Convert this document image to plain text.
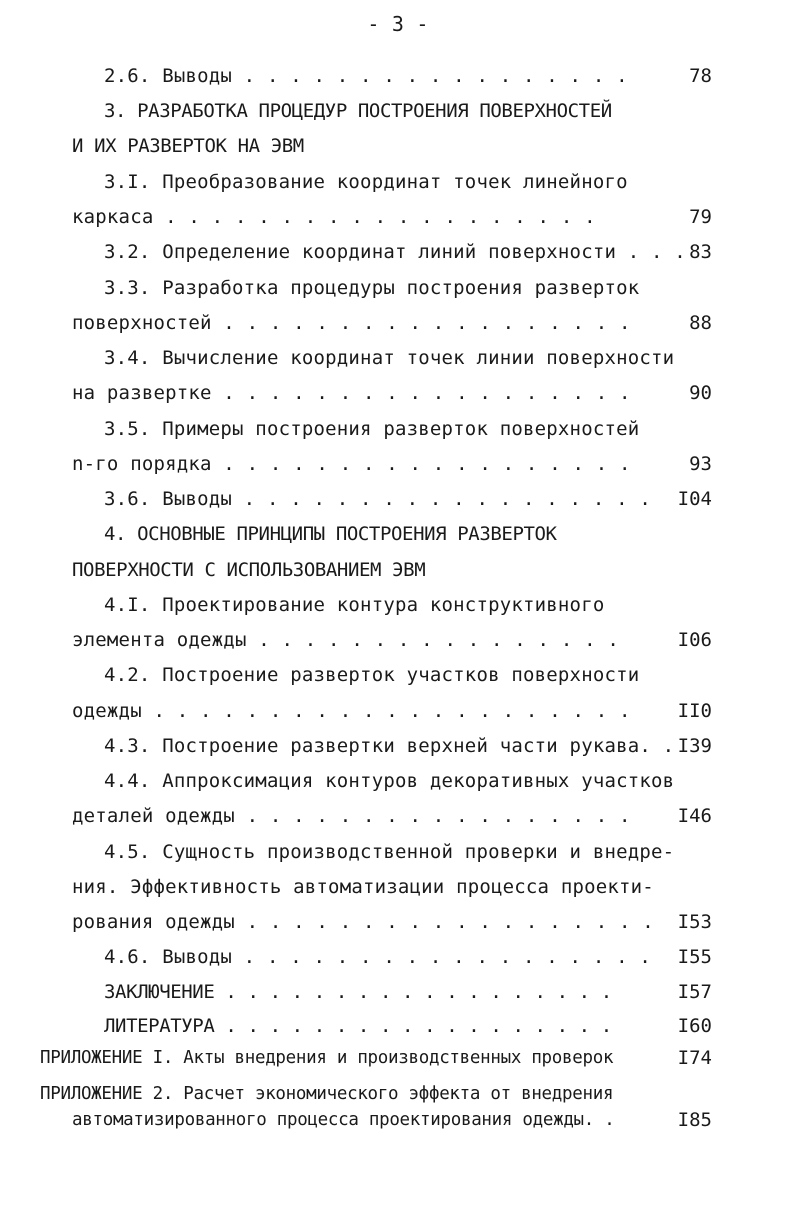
- 3 -
2.6. Выводы . . . . . . . . . . . . . . . . .	78
3. РАЗРАБОТКА ПРОЦЕДУР ПОСТРОЕНИЯ ПОВЕРХНОСТЕЙ
И ИХ РАЗВЕРТОК НА ЭВМ
3.I. Преобразование координат точек линейного
каркаса . . . . . . . . . . . . . . . . . . .	79
3.2. Определение координат линий поверхности . . . 83
3.3. Разработка процедуры построения разверток
поверхностей . . . . . . . . . . . . . . . . . .	88
3.4. Вычисление координат точек линии поверхности
на развертке . . . . . . . . . . . . . . . . . .	90
3.5. Примеры построения разверток поверхностей
n-го порядка . . . . . . . . . . . . . . . . . .	93
3.6. Выводы . . . . . . . . . . . . . . . . . . I04
4. ОСНОВНЫЕ ПРИНЦИПЫ ПОСТРОЕНИЯ РАЗВЕРТОК
ПОВЕРХНОСТИ С ИСПОЛЬЗОВАНИЕМ ЭВМ
4.I. Проектирование контура конструктивного
элемента одежды . . . . . . . . . . . . . . . .	I06
4.2. Построение разверток участков поверхности
одежды . . . . . . . . . . . . . . . . . . . . . II0
4.3. Построение развертки верхней части рукава. . I39
4.4. Аппроксимация контуров декоративных участков
деталей одежды . . . . . . . . . . . . . . . . . I46
4.5. Сущность производственной проверки и внедре-
ния. Эффективность автоматизации процесса проекти-
рования одежды . . . . . . . . . . . . . . . . . . I53
4.6. Выводы . . . . . . . . . . . . . . . . . . I55
ЗАКЛЮЧЕНИЕ . . . . . . . . . . . . . . . . . .	I57
ЛИТЕРАТУРА . . . . . . . . . . . . . . . . . .	I60
ПРИЛОЖЕНИЕ I. Акты внедрения и производственных проверок	I74
ПРИЛОЖЕНИЕ 2. Расчет экономического эффекта от внедрения
автоматизированного процесса проектирования одежды. .	I85
